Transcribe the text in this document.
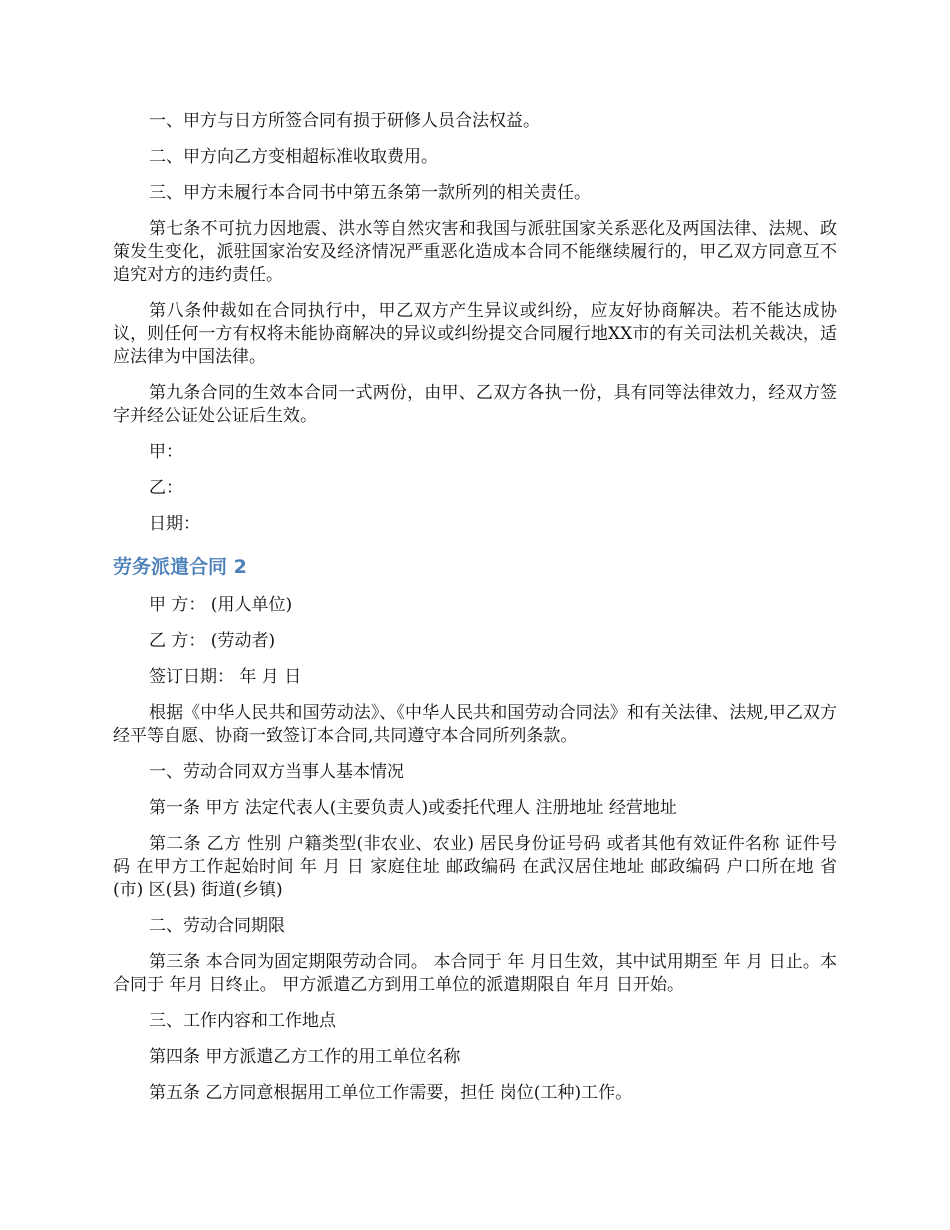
一、甲方与日方所签合同有损于研修人员合法权益。

二、甲方向乙方变相超标准收取费用。

三、甲方未履行本合同书中第五条第一款所列的相关责任。

第七条不可抗力因地震、洪水等自然灾害和我国与派驻国家关系恶化及两国法律、法规、政策发生变化，派驻国家治安及经济情况严重恶化造成本合同不能继续履行的，甲乙双方同意互不追究对方的违约责任。

第八条仲裁如在合同执行中，甲乙双方产生异议或纠纷，应友好协商解决。若不能达成协议，则任何一方有权将未能协商解决的异议或纠纷提交合同履行地XX市的有关司法机关裁决，适应法律为中国法律。

第九条合同的生效本合同一式两份，由甲、乙双方各执一份，具有同等法律效力，经双方签字并经公证处公证后生效。

甲：

乙：

日期：

劳务派遣合同 2

甲 方： (用人单位)

乙 方： (劳动者)

签订日期： 年 月 日

根据《中华人民共和国劳动法》、《中华人民共和国劳动合同法》和有关法律、法规,甲乙双方经平等自愿、协商一致签订本合同,共同遵守本合同所列条款。

一、劳动合同双方当事人基本情况

第一条 甲方 法定代表人(主要负责人)或委托代理人 注册地址 经营地址

第二条 乙方 性别 户籍类型(非农业、农业) 居民身份证号码 或者其他有效证件名称 证件号码 在甲方工作起始时间 年 月 日 家庭住址 邮政编码 在武汉居住地址 邮政编码 户口所在地 省(市) 区(县) 街道(乡镇)

二、劳动合同期限

第三条 本合同为固定期限劳动合同。 本合同于 年 月日生效，其中试用期至 年 月 日止。本合同于 年月 日终止。 甲方派遣乙方到用工单位的派遣期限自 年月 日开始。

三、工作内容和工作地点

第四条 甲方派遣乙方工作的用工单位名称

第五条 乙方同意根据用工单位工作需要，担任 岗位(工种)工作。
